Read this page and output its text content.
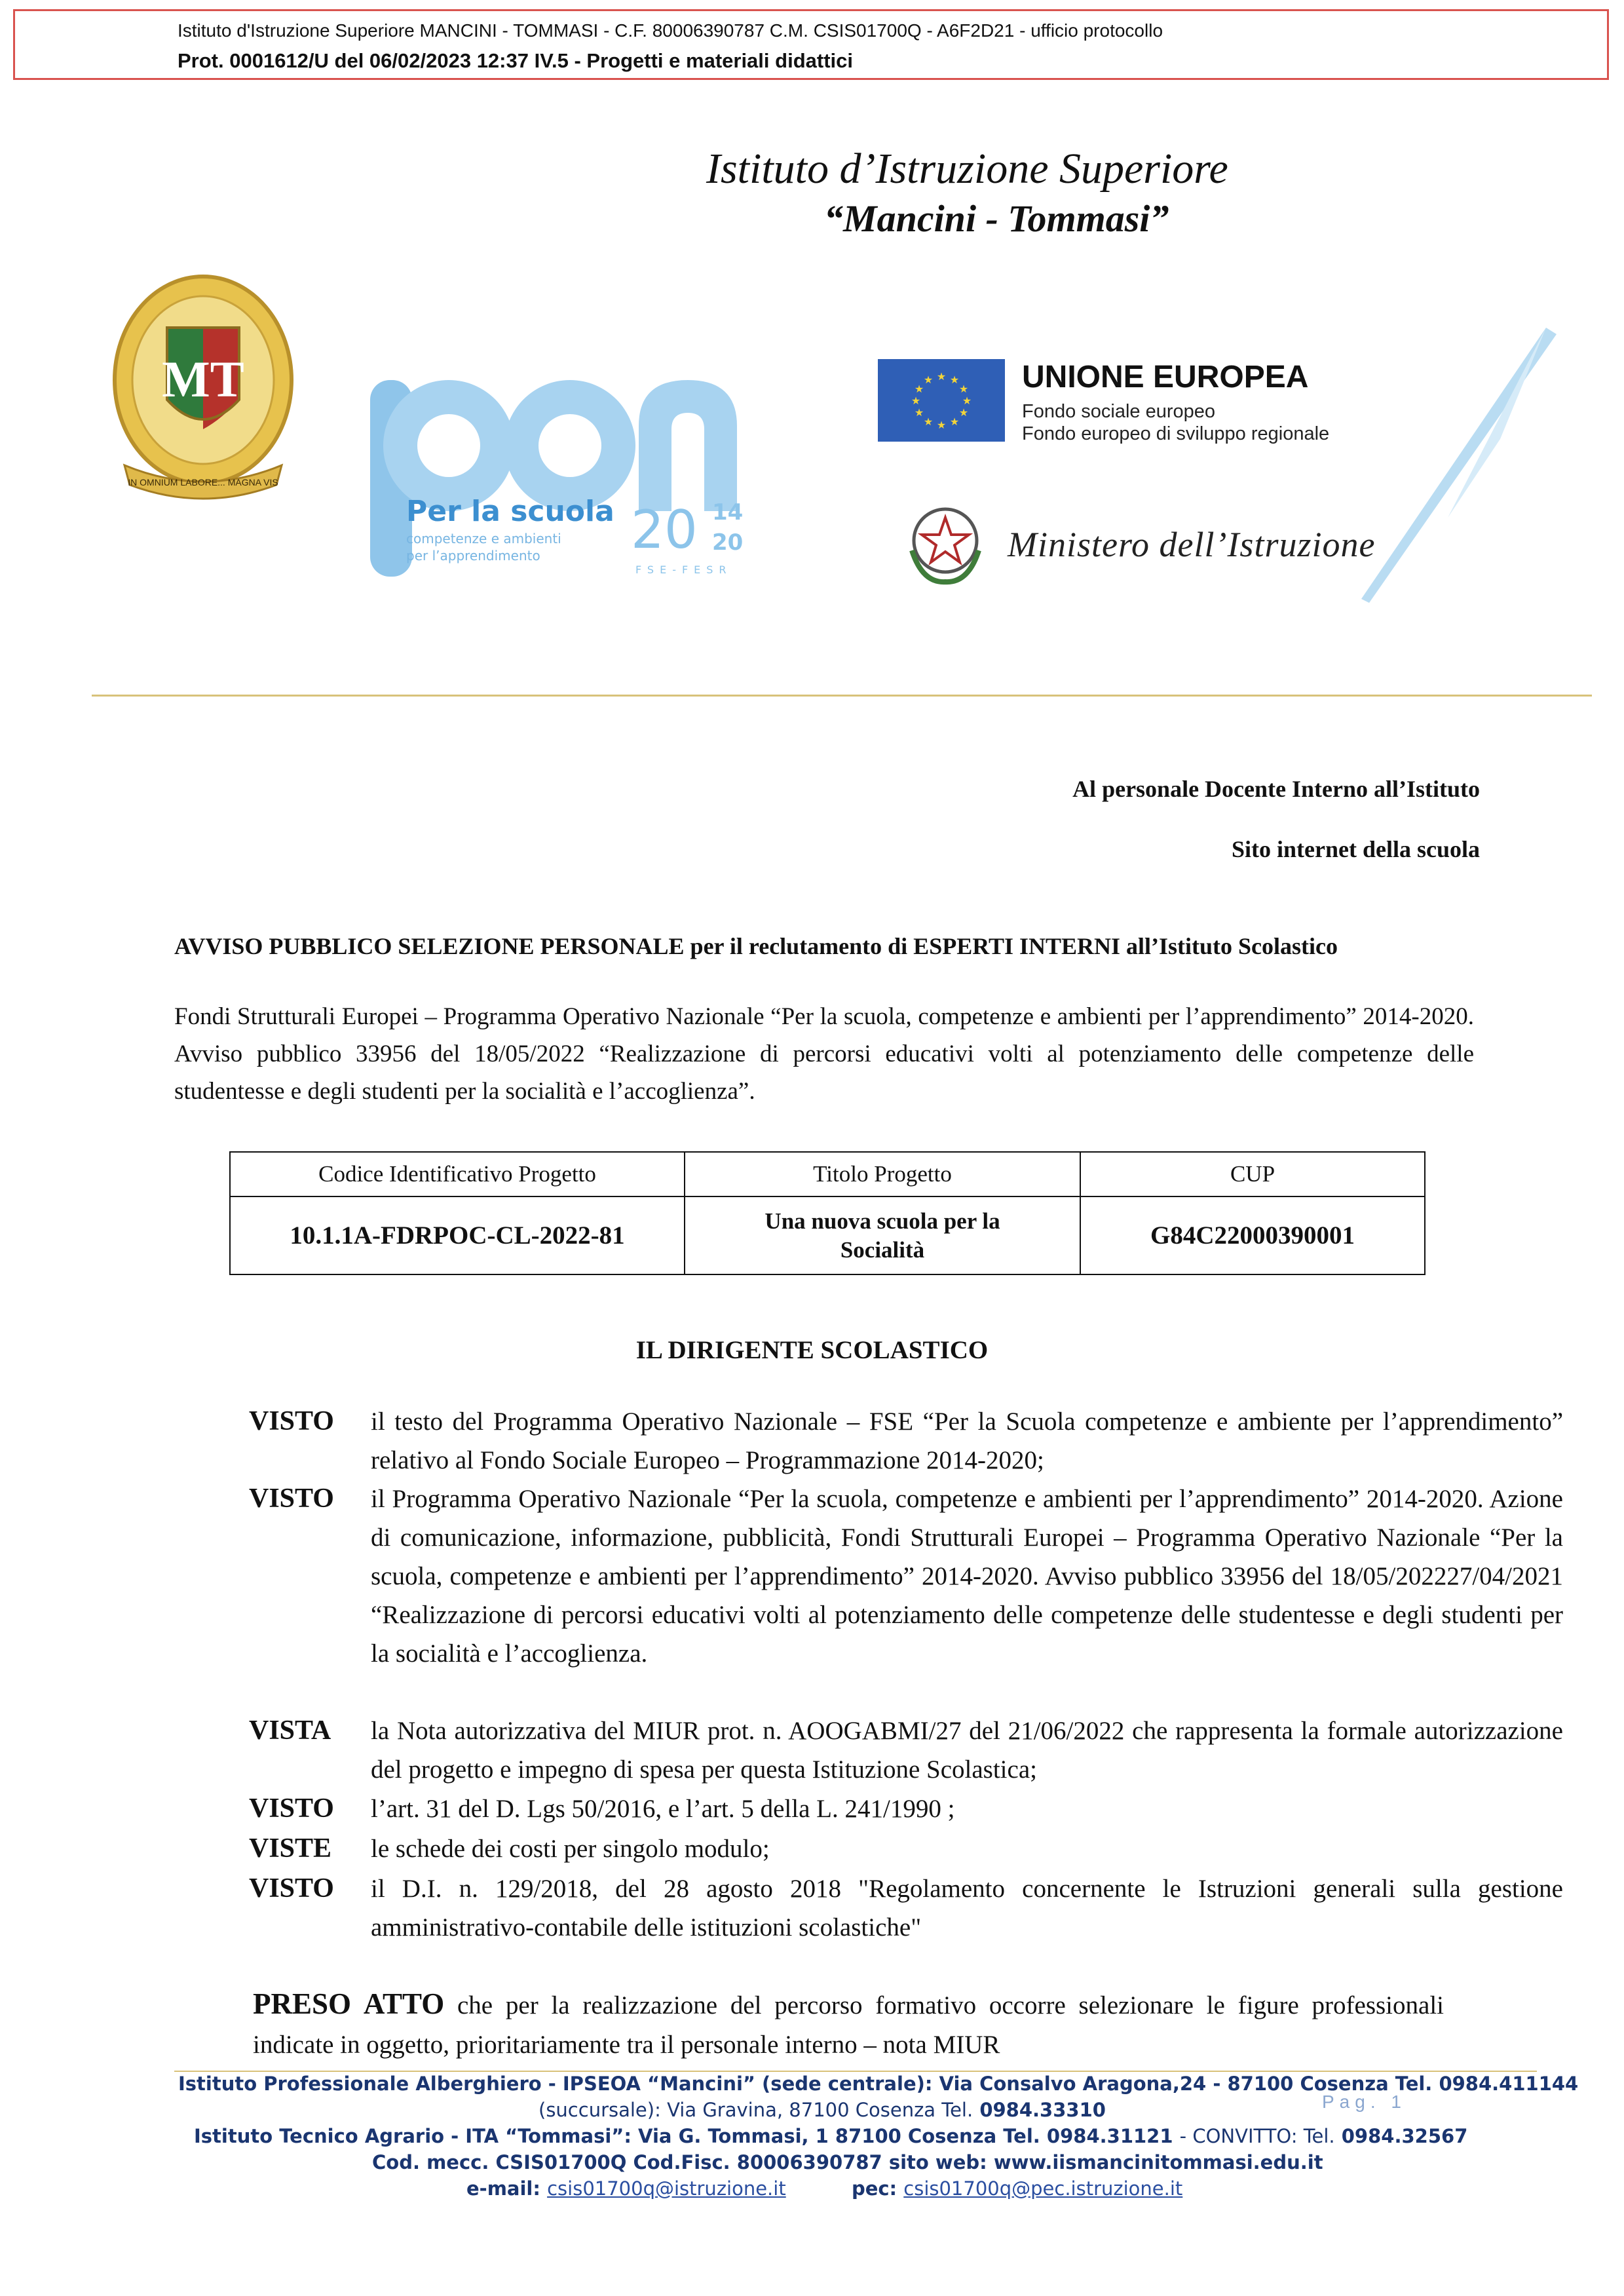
Istituto d'Istruzione Superiore MANCINI - TOMMASI - C.F. 80006390787 C.M. CSIS01700Q - A6F2D21 - ufficio protocollo
Prot. 0001612/U del 06/02/2023 12:37 IV.5 - Progetti e materiali didattici
Istituto d’Istruzione Superiore
“Mancini - Tommasi”
MT
IN OMNIUM LABORE... MAGNA VIS
Per la scuola
competenze e ambienti
per l’apprendimento 20 14
20
FSE-FESR
★ ★
★
★
★
★
★
★
★
★
★
★	UNIONE EUROPEA
Fondo sociale europeo
Fondo europeo di sviluppo regionale
Ministero dell’Istruzione
Al personale Docente Interno all’Istituto
Sito internet della scuola
AVVISO PUBBLICO SELEZIONE PERSONALE per il reclutamento di ESPERTI INTERNI all’Istituto Scolastico
Fondi Strutturali Europei – Programma Operativo Nazionale “Per la scuola, competenze e ambienti per l’apprendimento” 2014-2020. Avviso pubblico 33956 del 18/05/2022 “Realizzazione di percorsi educativi volti al potenziamento delle competenze delle studentesse e degli studenti per la socialità e l’accoglienza”.
Codice Identificativo Progetto	Titolo Progetto	CUP
10.1.1A-FDRPOC-CL-2022-81	Una nuova scuola per la Socialità	G84C22000390001
IL DIRIGENTE SCOLASTICO
VISTO il testo del Programma Operativo Nazionale – FSE “Per la Scuola competenze e ambiente per l’apprendimento” relativo al Fondo Sociale Europeo – Programmazione 2014-2020;
VISTO il Programma Operativo Nazionale “Per la scuola, competenze e ambienti per l’apprendimento” 2014-2020. Azione di comunicazione, informazione, pubblicità, Fondi Strutturali Europei – Programma Operativo Nazionale “Per la scuola, competenze e ambienti per l’apprendimento” 2014-2020. Avviso pubblico 33956 del 18/05/202227/04/2021 “Realizzazione di percorsi educativi volti al potenziamento delle competenze delle studentesse e degli studenti per la socialità e l’accoglienza.
VISTA la Nota autorizzativa del MIUR prot. n. AOOGABMI/27 del 21/06/2022 che rappresenta la formale autorizzazione del progetto e impegno di spesa per questa Istituzione Scolastica;
VISTO l’art. 31 del D. Lgs 50/2016, e l’art. 5 della L. 241/1990 ;
VISTE le schede dei costi per singolo modulo;
VISTO il D.I. n. 129/2018, del 28 agosto 2018 "Regolamento concernente le Istruzioni generali sulla gestione amministrativo-contabile delle istituzioni scolastiche"
PRESO ATTO che per la realizzazione del percorso formativo occorre selezionare le figure professionali indicate in oggetto, prioritariamente tra il personale interno – nota MIUR
Istituto Professionale Alberghiero - IPSEOA “Mancini” (sede centrale): Via Consalvo Aragona,24 - 87100 Cosenza Tel. 0984.411144
(succursale): Via Gravina, 87100 Cosenza Tel. 0984.33310	Pag. 1
Istituto Tecnico Agrario - ITA “Tommasi”: Via G. Tommasi, 1 87100 Cosenza Tel. 0984.31121 - CONVITTO: Tel. 0984.32567
Cod. mecc. CSIS01700Q Cod.Fisc. 80006390787 sito web: www.iismancinitommasi.edu.it
e-mail: csis01700q@istruzione.it	pec: csis01700q@pec.istruzione.it
